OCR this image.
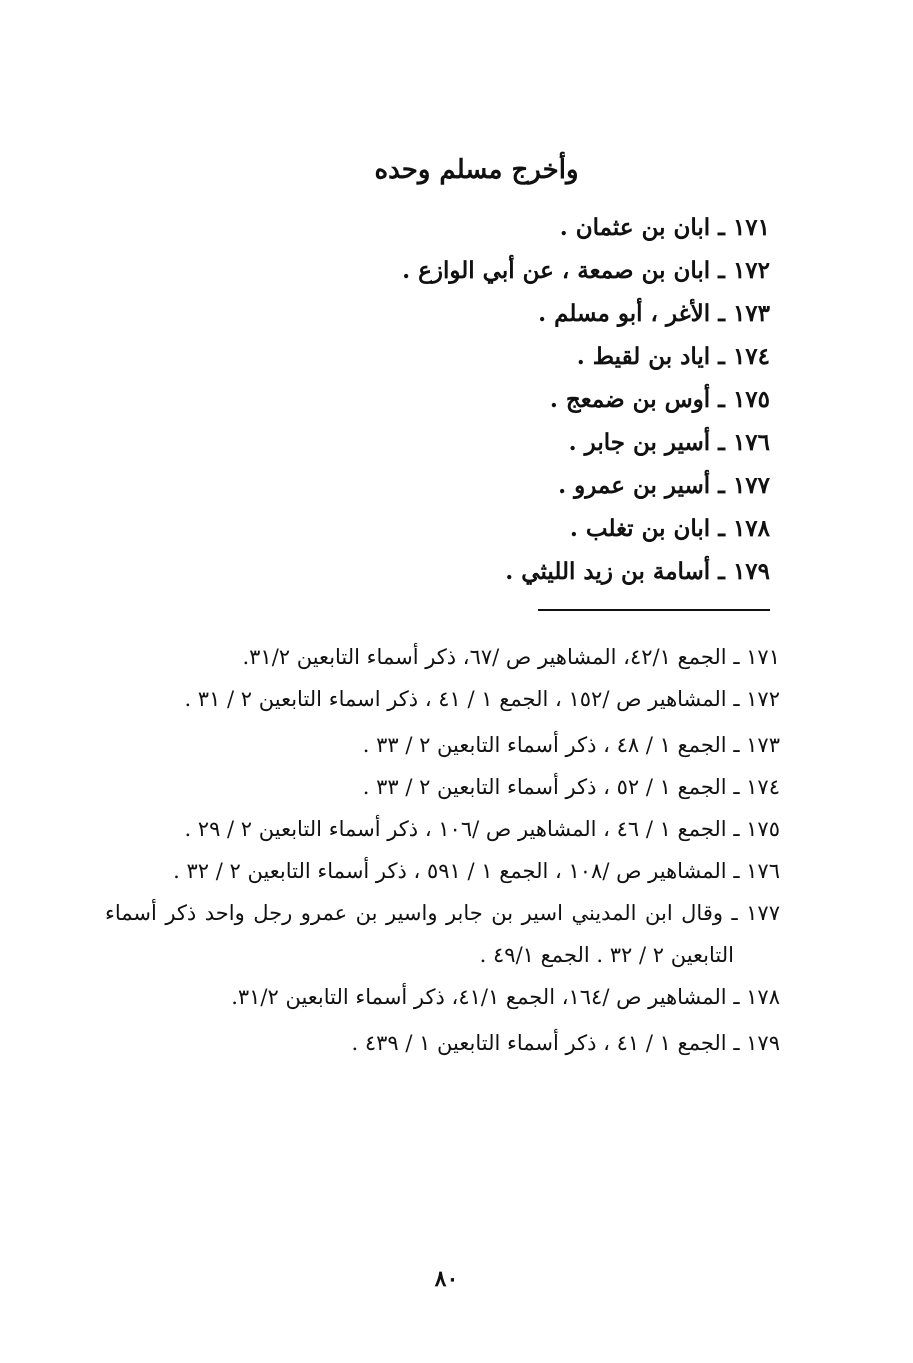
وأخرج مسلم وحده
١٧١ ـ ابان بن عثمان .
١٧٢ ـ ابان بن صمعة ، عن أبي الوازع .
١٧٣ ـ الأغر ، أبو مسلم .
١٧٤ ـ اياد بن لقيط .
١٧٥ ـ أوس بن ضمعج .
١٧٦ ـ أسير بن جابر .
١٧٧ ـ أسير بن عمرو .
١٧٨ ـ ابان بن تغلب .
١٧٩ ـ أسامة بن زيد الليثي .
١٧١ ـ الجمع ٤٢/١، المشاهير ص /٦٧، ذكر أسماء التابعين ٣١/٢.
١٧٢ ـ المشاهير ص /١٥٢ ، الجمع ١ / ٤١ ، ذكر اسماء التابعين ٢ / ٣١ .
١٧٣ ـ الجمع ١ / ٤٨ ، ذكر أسماء التابعين ٢ / ٣٣ .
١٧٤ ـ الجمع ١ / ٥٢ ، ذكر أسماء التابعين ٢ / ٣٣ .
١٧٥ ـ الجمع ١ / ٤٦ ، المشاهير ص /١٠٦ ، ذكر أسماء التابعين ٢ / ٢٩ .
١٧٦ ـ المشاهير ص /١٠٨ ، الجمع ١ / ٥٩١ ، ذكر أسماء التابعين ٢ / ٣٢ .
١٧٧ ـ وقال ابن المديني اسير بن جابر واسير بن عمرو رجل واحد ذكر أسماء التابعين ٢ / ٣٢ . الجمع ٤٩/١ .
١٧٨ ـ المشاهير ص /١٦٤، الجمع ٤١/١، ذكر أسماء التابعين ٣١/٢.
١٧٩ ـ الجمع ١ / ٤١ ، ذكر أسماء التابعين ١ / ٤٣٩ .
٨٠
